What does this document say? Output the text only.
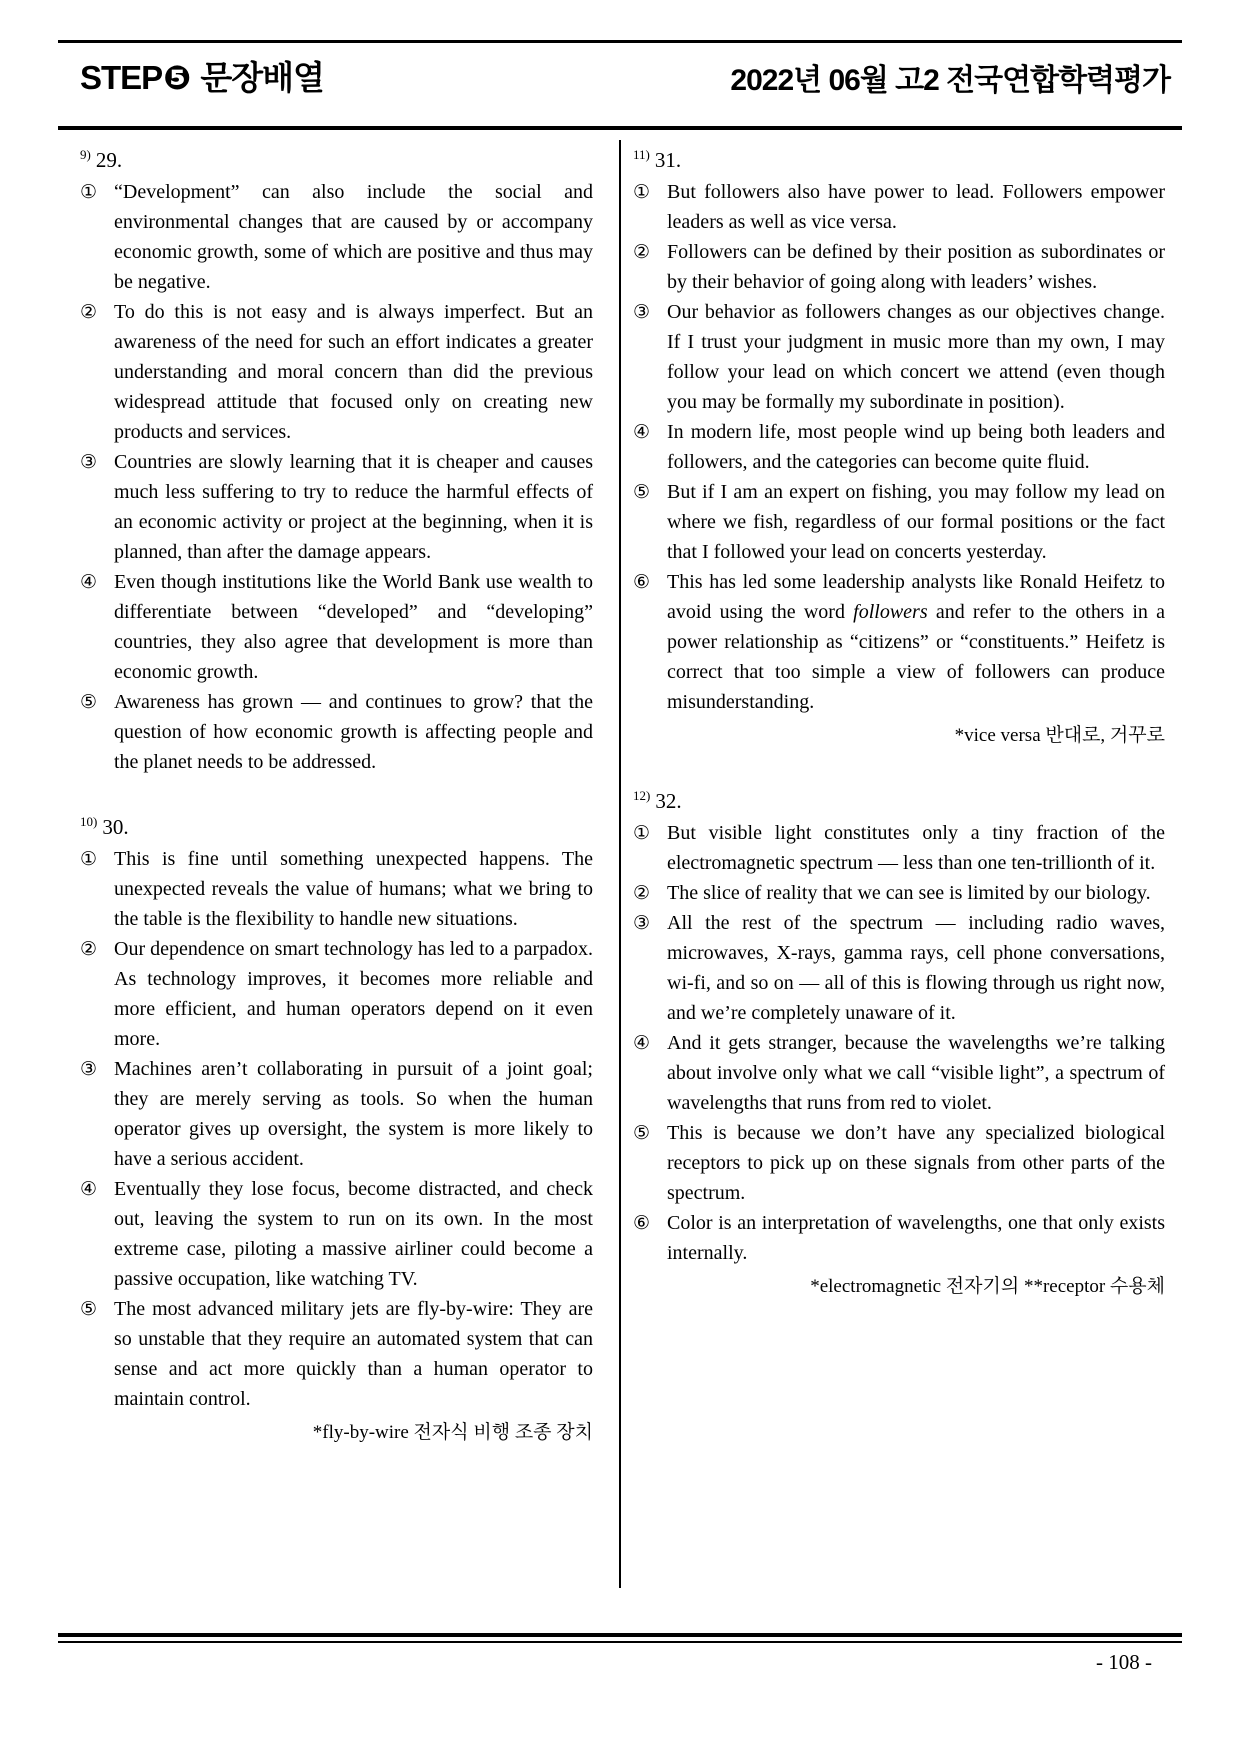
STEP❺ 문장배열	2022년 06월 고2 전국연합학력평가
$^{9)}$ 29.
① “Development” can also include the social and environmental changes that are caused by or accompany economic growth, some of which are positive and thus may be negative.
② To do this is not easy and is always imperfect. But an awareness of the need for such an effort indicates a greater understanding and moral concern than did the previous widespread attitude that focused only on creating new products and services.
③ Countries are slowly learning that it is cheaper and causes much less suffering to try to reduce the harmful effects of an economic activity or project at the beginning, when it is planned, than after the damage appears.
④ Even though institutions like the World Bank use wealth to differentiate between “developed” and “developing” countries, they also agree that development is more than economic growth.
⑤ Awareness has grown ― and continues to grow? that the question of how economic growth is affecting people and the planet needs to be addressed.
$^{10)}$ 30.
① This is fine until something unexpected happens. The unexpected reveals the value of humans; what we bring to the table is the flexibility to handle new situations.
② Our dependence on smart technology has led to a parpadox. As technology improves, it becomes more reliable and more efficient, and human operators depend on it even more.
③ Machines aren’t collaborating in pursuit of a joint goal; they are merely serving as tools. So when the human operator gives up oversight, the system is more likely to have a serious accident.
④ Eventually they lose focus, become distracted, and check out, leaving the system to run on its own. In the most extreme case, piloting a massive airliner could become a passive occupation, like watching TV.
⑤ The most advanced military jets are fly-by-wire: They are so unstable that they require an automated system that can sense and act more quickly than a human operator to maintain control.
*fly-by-wire 전자식 비행 조종 장치
$^{11)}$ 31.
① But followers also have power to lead. Followers empower leaders as well as vice versa.
② Followers can be defined by their position as subordinates or by their behavior of going along with leaders’ wishes.
③ Our behavior as followers changes as our objectives change. If I trust your judgment in music more than my own, I may follow your lead on which concert we attend (even though you may be formally my subordinate in position).
④ In modern life, most people wind up being both leaders and followers, and the categories can become quite fluid.
⑤ But if I am an expert on fishing, you may follow my lead on where we fish, regardless of our formal positions or the fact that I followed your lead on concerts yesterday.
⑥ This has led some leadership analysts like Ronald Heifetz to avoid using the word followers and refer to the others in a power relationship as “citizens” or “constituents.” Heifetz is correct that too simple a view of followers can produce misunderstanding.
*vice versa 반대로, 거꾸로
$^{12)}$ 32.
① But visible light constitutes only a tiny fraction of the electromagnetic spectrum ― less than one ten-trillionth of it.
② The slice of reality that we can see is limited by our biology.
③ All the rest of the spectrum ― including radio waves, microwaves, X-rays, gamma rays, cell phone conversations, wi-fi, and so on ― all of this is flowing through us right now, and we’re completely unaware of it.
④ And it gets stranger, because the wavelengths we’re talking about involve only what we call “visible light”, a spectrum of wavelengths that runs from red to violet.
⑤ This is because we don’t have any specialized biological receptors to pick up on these signals from other parts of the spectrum.
⑥ Color is an interpretation of wavelengths, one that only exists internally.
*electromagnetic 전자기의 **receptor 수용체
- 108 -
